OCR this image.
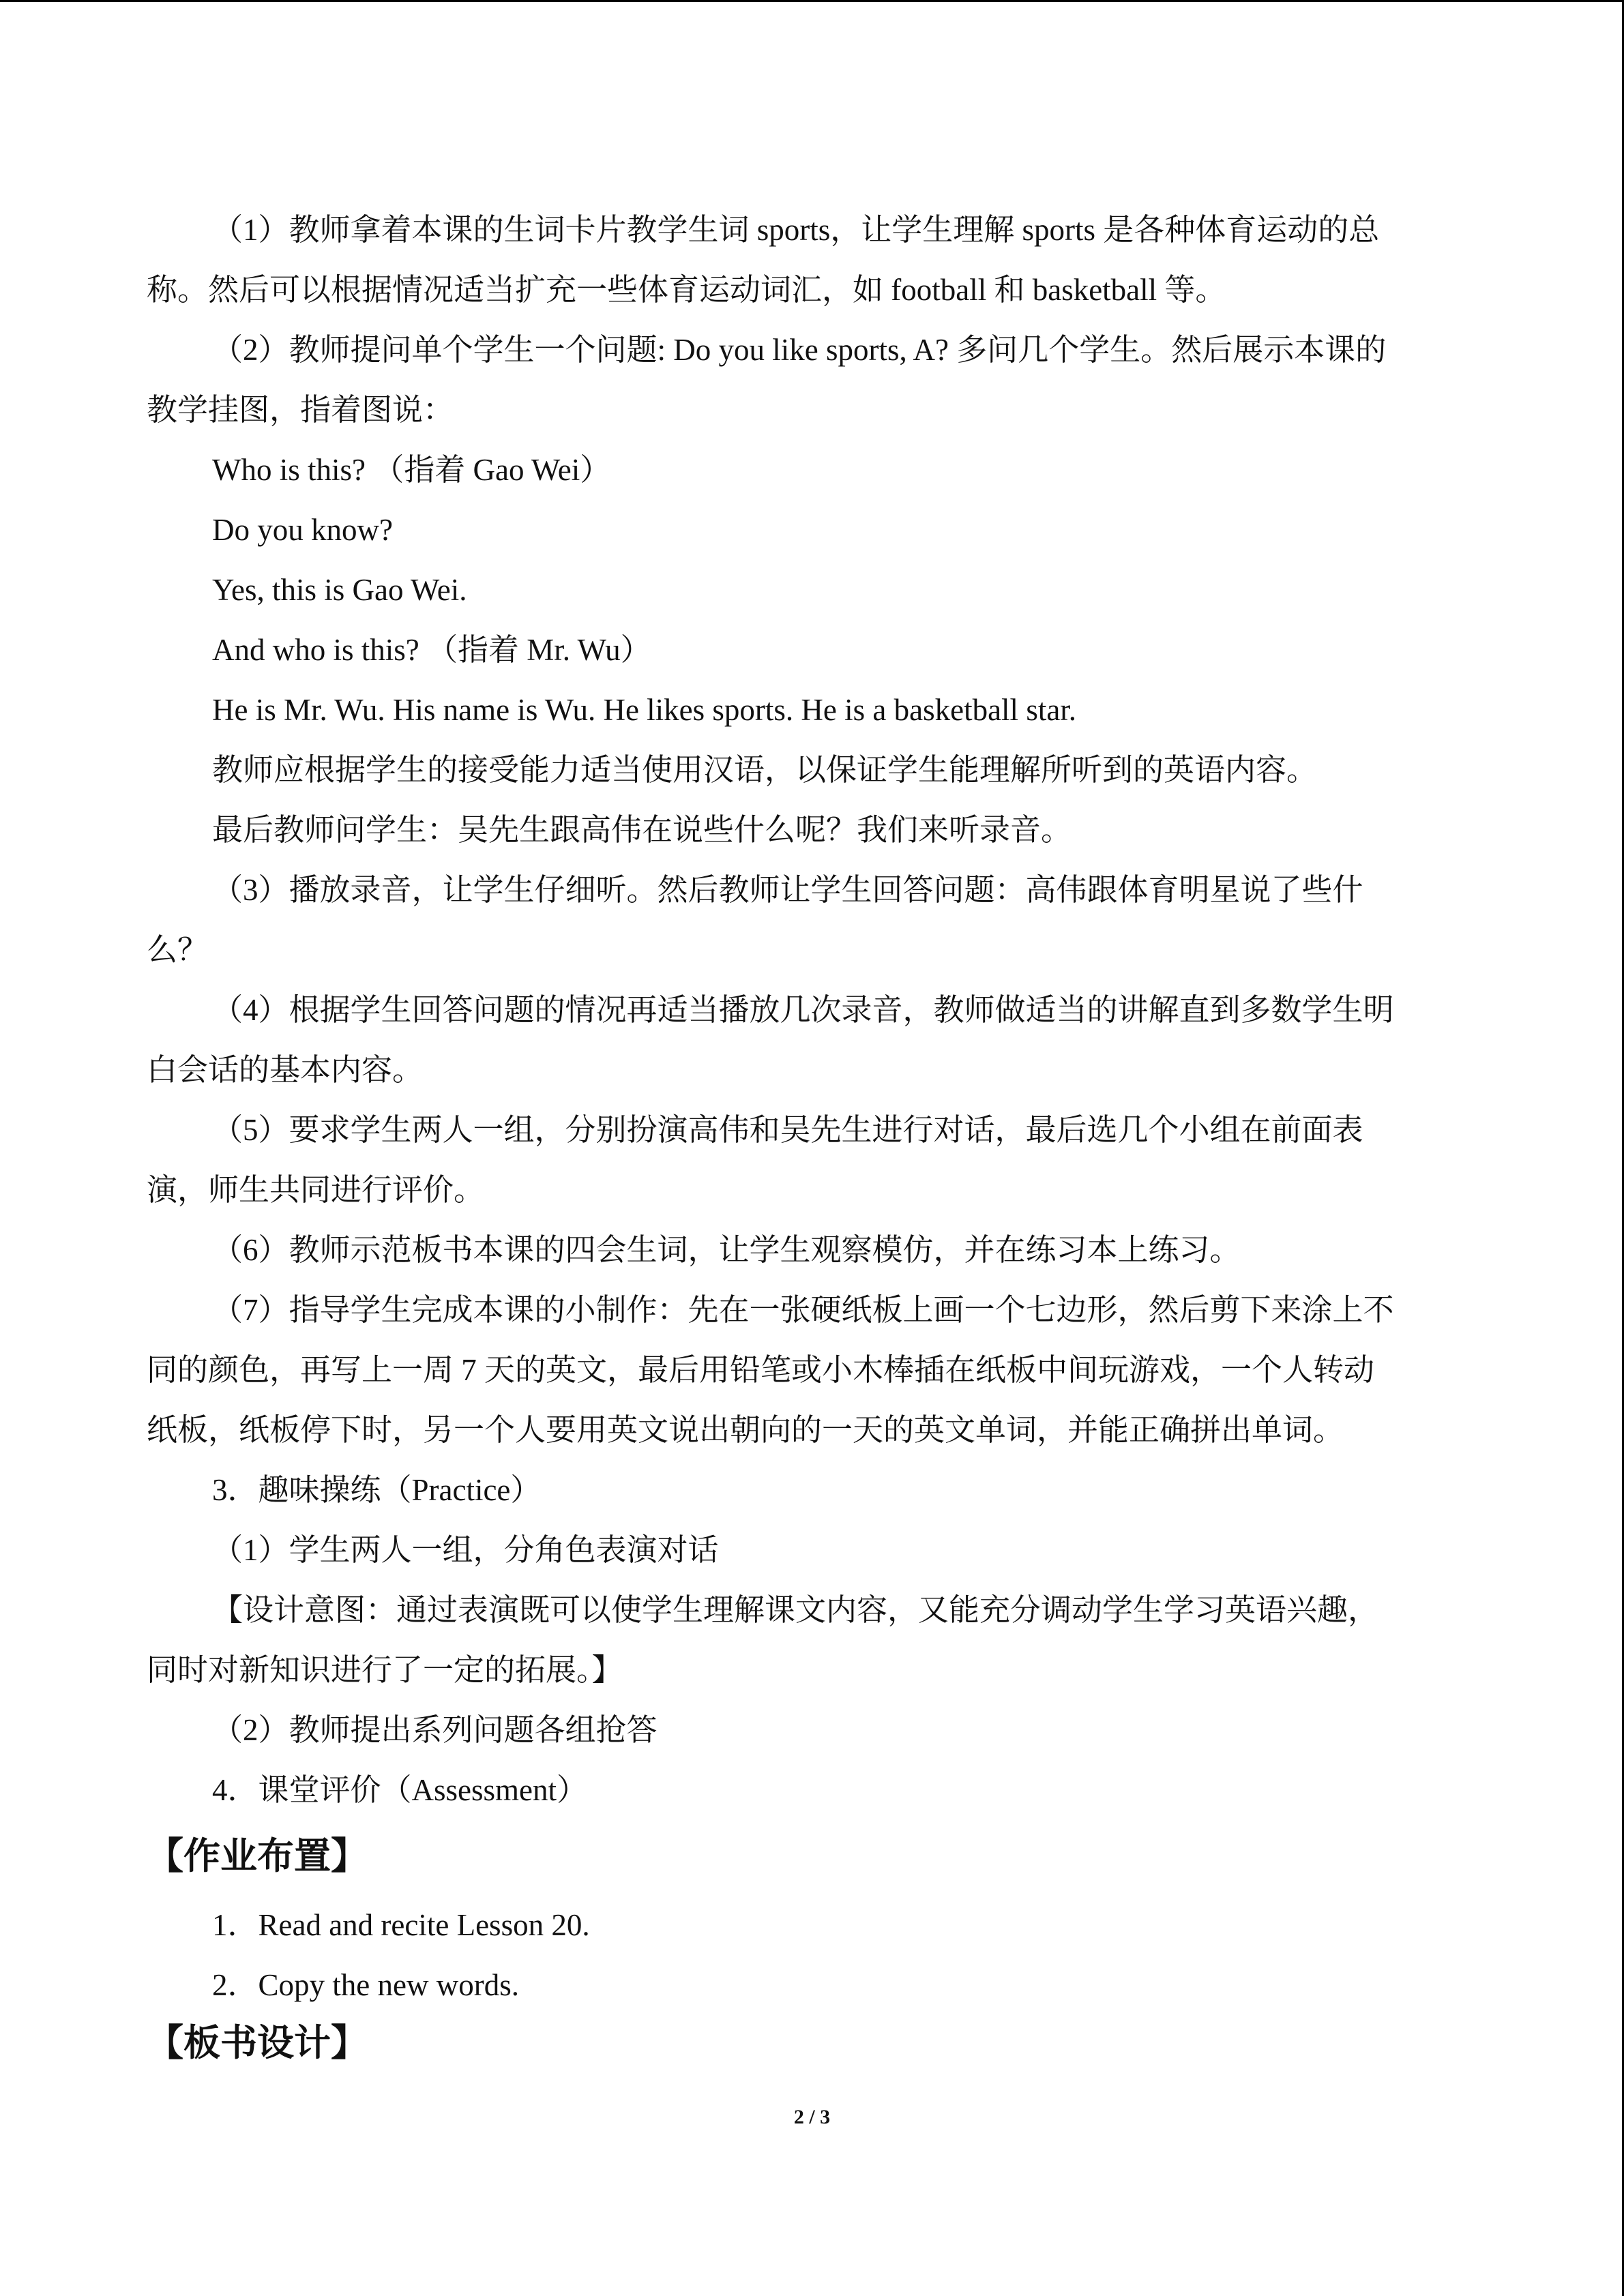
（1）教师拿着本课的生词卡片教学生词 sports，让学生理解 sports 是各种体育运动的总

称。然后可以根据情况适当扩充一些体育运动词汇，如 football 和 basketball 等。

（2）教师提问单个学生一个问题: Do you like sports, A? 多问几个学生。然后展示本课的

教学挂图，指着图说：

Who is this? （指着 Gao Wei）

Do you know?

Yes, this is Gao Wei.

And who is this? （指着 Mr. Wu）

He is Mr. Wu. His name is Wu. He likes sports. He is a basketball star.

教师应根据学生的接受能力适当使用汉语，以保证学生能理解所听到的英语内容。

最后教师问学生：吴先生跟高伟在说些什么呢？我们来听录音。

（3）播放录音，让学生仔细听。然后教师让学生回答问题：高伟跟体育明星说了些什

么？

（4）根据学生回答问题的情况再适当播放几次录音，教师做适当的讲解直到多数学生明

白会话的基本内容。

（5）要求学生两人一组，分别扮演高伟和吴先生进行对话，最后选几个小组在前面表

演，师生共同进行评价。

（6）教师示范板书本课的四会生词，让学生观察模仿，并在练习本上练习。

（7）指导学生完成本课的小制作：先在一张硬纸板上画一个七边形，然后剪下来涂上不

同的颜色，再写上一周 7 天的英文，最后用铅笔或小木棒插在纸板中间玩游戏，一个人转动

纸板，纸板停下时，另一个人要用英文说出朝向的一天的英文单词，并能正确拼出单词。

3．趣味操练（Practice）

（1）学生两人一组，分角色表演对话

【设计意图：通过表演既可以使学生理解课文内容，又能充分调动学生学习英语兴趣，

同时对新知识进行了一定的拓展。】

（2）教师提出系列问题各组抢答

4．课堂评价（Assessment）

【作业布置】

1．Read and recite Lesson 20.

2．Copy the new words.

【板书设计】

2 / 3
